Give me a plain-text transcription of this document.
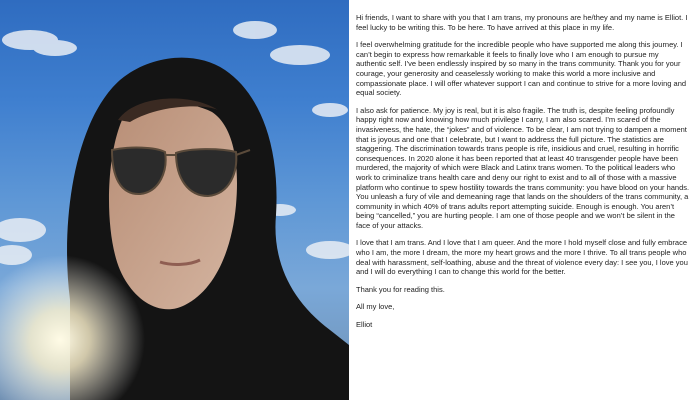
Hi friends, I want to share with you that I am trans, my pronouns are he/they and my name is Elliot. I feel lucky to be writing this. To be here. To have arrived at this place in my life.

I feel overwhelming gratitude for the incredible people who have supported me along this journey. I can’t begin to express how remarkable it feels to finally love who I am enough to pursue my authentic self. I’ve been endlessly inspired by so many in the trans community. Thank you for your courage, your generosity and ceaselessly working to make this world a more inclusive and compassionate place. I will offer whatever support I can and continue to strive for a more loving and equal society.

I also ask for patience. My joy is real, but it is also fragile. The truth is, despite feeling profoundly happy right now and knowing how much privilege I carry, I am also scared. I’m scared of the invasiveness, the hate, the “jokes” and of violence. To be clear, I am not trying to dampen a moment that is joyous and one that I celebrate, but I want to address the full picture. The statistics are staggering. The discrimination towards trans people is rife, insidious and cruel, resulting in horrific consequences. In 2020 alone it has been reported that at least 40 transgender people have been murdered, the majority of which were Black and Latinx trans women. To the political leaders who work to criminalize trans health care and deny our right to exist and to all of those with a massive platform who continue to spew hostility towards the trans community: you have blood on your hands. You unleash a fury of vile and demeaning rage that lands on the shoulders of the trans community, a community in which 40% of trans adults report attempting suicide. Enough is enough. You aren’t being “cancelled,” you are hurting people. I am one of those people and we won’t be silent in the face of your attacks.

I love that I am trans. And I love that I am queer. And the more I hold myself close and fully embrace who I am, the more I dream, the more my heart grows and the more I thrive. To all trans people who deal with harassment, self-loathing, abuse and the threat of violence every day: I see you, I love you and I will do everything I can to change this world for the better.

Thank you for reading this.

All my love,

Elliot
